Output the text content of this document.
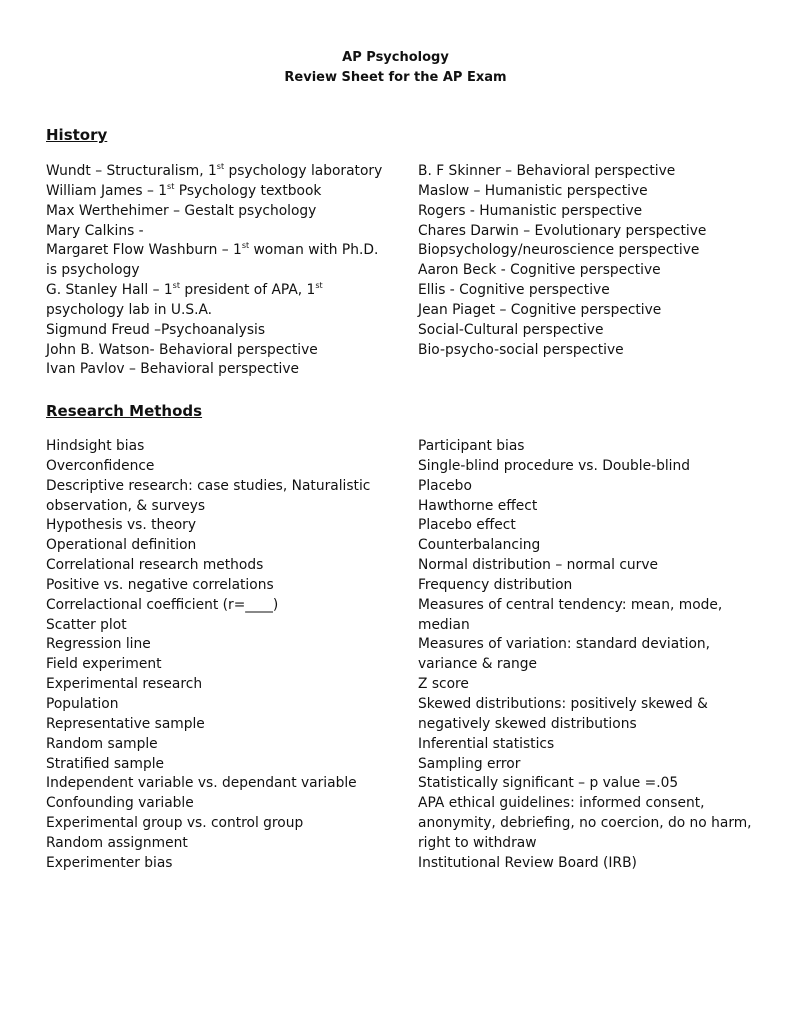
AP Psychology
Review Sheet for the AP Exam
History
Wundt – Structuralism, 1st psychology laboratory
William James – 1st Psychology textbook
Max Werthehimer – Gestalt psychology
Mary Calkins -
Margaret Flow Washburn – 1st woman with Ph.D.
is psychology
G. Stanley Hall – 1st president of APA, 1st
psychology lab in U.S.A.
Sigmund Freud –Psychoanalysis
John B. Watson- Behavioral perspective
Ivan Pavlov – Behavioral perspective
B. F Skinner – Behavioral perspective
Maslow – Humanistic perspective
Rogers - Humanistic perspective
Chares Darwin – Evolutionary perspective
Biopsychology/neuroscience perspective
Aaron Beck - Cognitive perspective
Ellis - Cognitive perspective
Jean Piaget – Cognitive perspective
Social-Cultural perspective
Bio-psycho-social perspective
Research Methods
Hindsight bias
Overconfidence
Descriptive research: case studies, Naturalistic
observation, & surveys
Hypothesis vs. theory
Operational definition
Correlational research methods
Positive vs. negative correlations
Correlactional coefficient (r=____)
Scatter plot
Regression line
Field experiment
Experimental research
Population
Representative sample
Random sample
Stratified sample
Independent variable vs. dependant variable
Confounding variable
Experimental group vs. control group
Random assignment
Experimenter bias
Participant bias
Single-blind procedure vs. Double-blind
Placebo
Hawthorne effect
Placebo effect
Counterbalancing
Normal distribution – normal curve
Frequency distribution
Measures of central tendency: mean, mode,
median
Measures of variation: standard deviation,
variance & range
Z score
Skewed distributions: positively skewed &
negatively skewed distributions
Inferential statistics
Sampling error
Statistically significant – p value =.05
APA ethical guidelines: informed consent,
anonymity, debriefing, no coercion, do no harm,
right to withdraw
Institutional Review Board (IRB)
